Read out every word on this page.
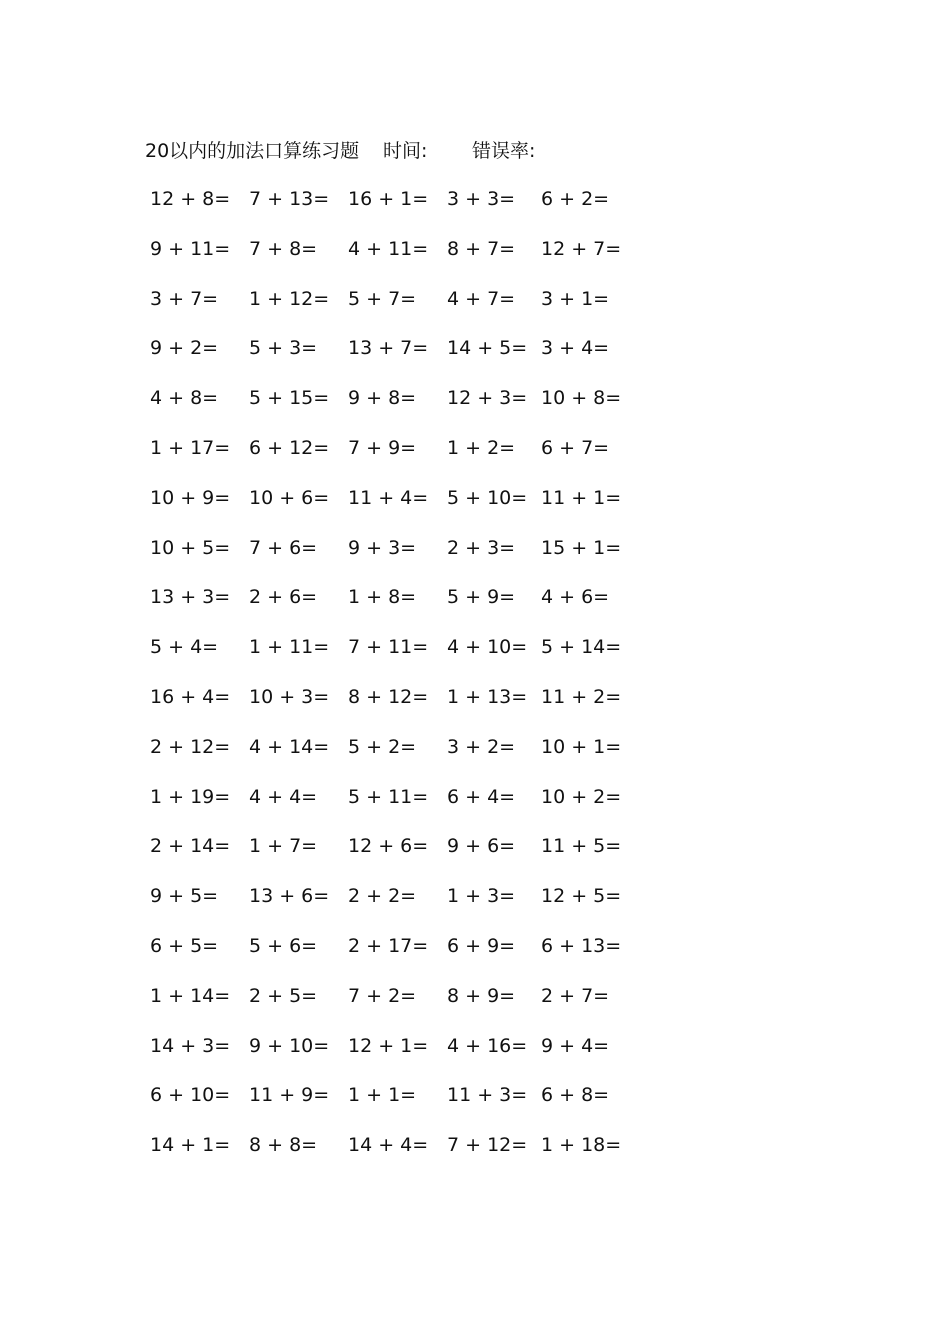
20以内的加法口算练习题 时间: 错误率:
12 + 8= 7 + 13= 16 + 1= 3 + 3= 6 + 2=
9 + 11= 7 + 8= 4 + 11= 8 + 7= 12 + 7=
3 + 7= 1 + 12= 5 + 7= 4 + 7= 3 + 1=
9 + 2= 5 + 3= 13 + 7= 14 + 5= 3 + 4=
4 + 8= 5 + 15= 9 + 8= 12 + 3= 10 + 8=
1 + 17= 6 + 12= 7 + 9= 1 + 2= 6 + 7=
10 + 9= 10 + 6= 11 + 4= 5 + 10= 11 + 1=
10 + 5= 7 + 6= 9 + 3= 2 + 3= 15 + 1=
13 + 3= 2 + 6= 1 + 8= 5 + 9= 4 + 6=
5 + 4= 1 + 11= 7 + 11= 4 + 10= 5 + 14=
16 + 4= 10 + 3= 8 + 12= 1 + 13= 11 + 2=
2 + 12= 4 + 14= 5 + 2= 3 + 2= 10 + 1=
1 + 19= 4 + 4= 5 + 11= 6 + 4= 10 + 2=
2 + 14= 1 + 7= 12 + 6= 9 + 6= 11 + 5=
9 + 5= 13 + 6= 2 + 2= 1 + 3= 12 + 5=
6 + 5= 5 + 6= 2 + 17= 6 + 9= 6 + 13=
1 + 14= 2 + 5= 7 + 2= 8 + 9= 2 + 7=
14 + 3= 9 + 10= 12 + 1= 4 + 16= 9 + 4=
6 + 10= 11 + 9= 1 + 1= 11 + 3= 6 + 8=
14 + 1= 8 + 8= 14 + 4= 7 + 12= 1 + 18=
